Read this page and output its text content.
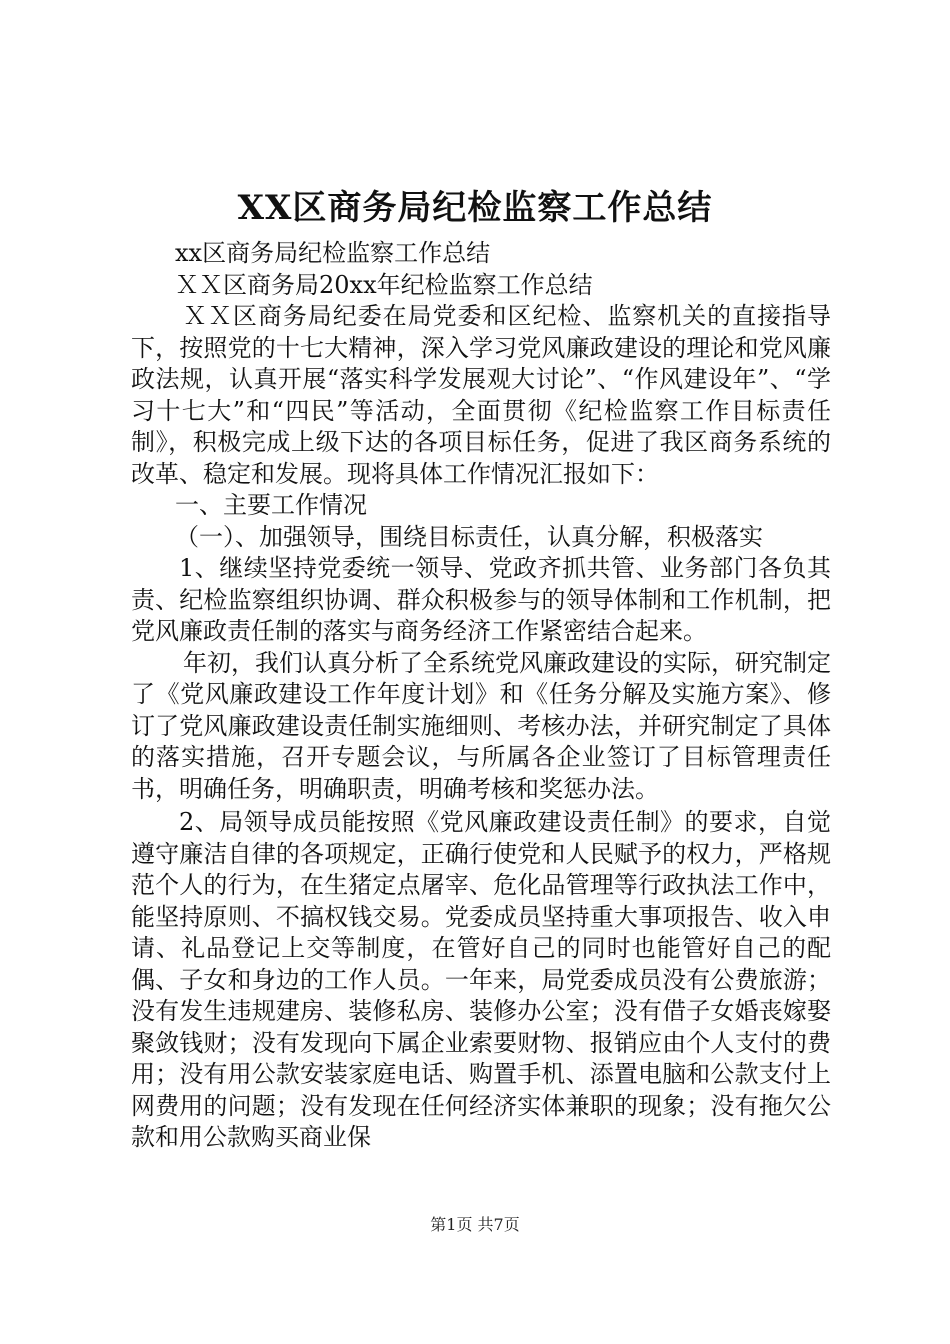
XX区商务局纪检监察工作总结

xx区商务局纪检监察工作总结

ＸＸ区商务局20xx年纪检监察工作总结

ＸＸ区商务局纪委在局党委和区纪检、监察机关的直接指导下，按照党的十七大精神，深入学习党风廉政建设的理论和党风廉政法规，认真开展“落实科学发展观大讨论”、“作风建设年”、“学习十七大”和“四民”等活动，全面贯彻《纪检监察工作目标责任制》，积极完成上级下达的各项目标任务，促进了我区商务系统的改革、稳定和发展。现将具体工作情况汇报如下：

一、主要工作情况

（一）、加强领导，围绕目标责任，认真分解，积极落实

1、继续坚持党委统一领导、党政齐抓共管、业务部门各负其责、纪检监察组织协调、群众积极参与的领导体制和工作机制，把党风廉政责任制的落实与商务经济工作紧密结合起来。

年初，我们认真分析了全系统党风廉政建设的实际，研究制定了《党风廉政建设工作年度计划》和《任务分解及实施方案》、修订了党风廉政建设责任制实施细则、考核办法，并研究制定了具体的落实措施，召开专题会议，与所属各企业签订了目标管理责任书，明确任务，明确职责，明确考核和奖惩办法。

2、局领导成员能按照《党风廉政建设责任制》的要求，自觉遵守廉洁自律的各项规定，正确行使党和人民赋予的权力，严格规范个人的行为，在生猪定点屠宰、危化品管理等行政执法工作中，能坚持原则、不搞权钱交易。党委成员坚持重大事项报告、收入申请、礼品登记上交等制度，在管好自己的同时也能管好自己的配偶、子女和身边的工作人员。一年来，局党委成员没有公费旅游；没有发生违规建房、装修私房、装修办公室；没有借子女婚丧嫁娶聚敛钱财；没有发现向下属企业索要财物、报销应由个人支付的费用；没有用公款安装家庭电话、购置手机、添置电脑和公款支付上网费用的问题；没有发现在任何经济实体兼职的现象；没有拖欠公款和用公款购买商业保

第1页 共7页
